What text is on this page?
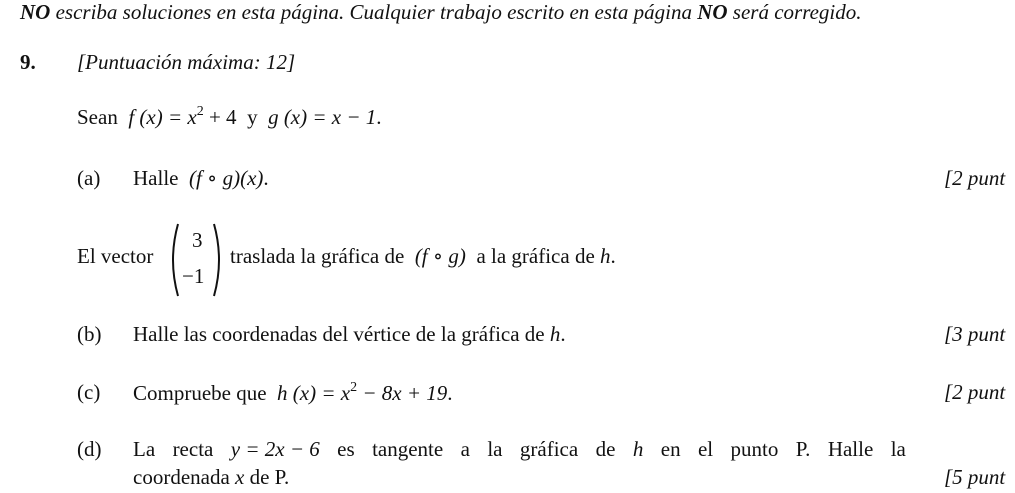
NO escriba soluciones en esta página. Cualquier trabajo escrito en esta página NO será corregido.
9. [Puntuación máxima: 12]
Sean f $(x) = x^2 + 4$ y g (x) = x − 1.
(a) Halle (f ∘ g)(x).	[2 punt
El vector
3
−1
traslada la gráfica de (f ∘ g) a la gráfica de h.
(b) Halle las coordenadas del vértice de la gráfica de h.	[3 punt
(c) Compruebe que h $(x) = x^2 - 8x + 19$.	[2 punt
(d) La recta y = 2x − 6 es tangente a la gráfica de h en el punto P. Halle la
coordenada x de P.	[5 punt
